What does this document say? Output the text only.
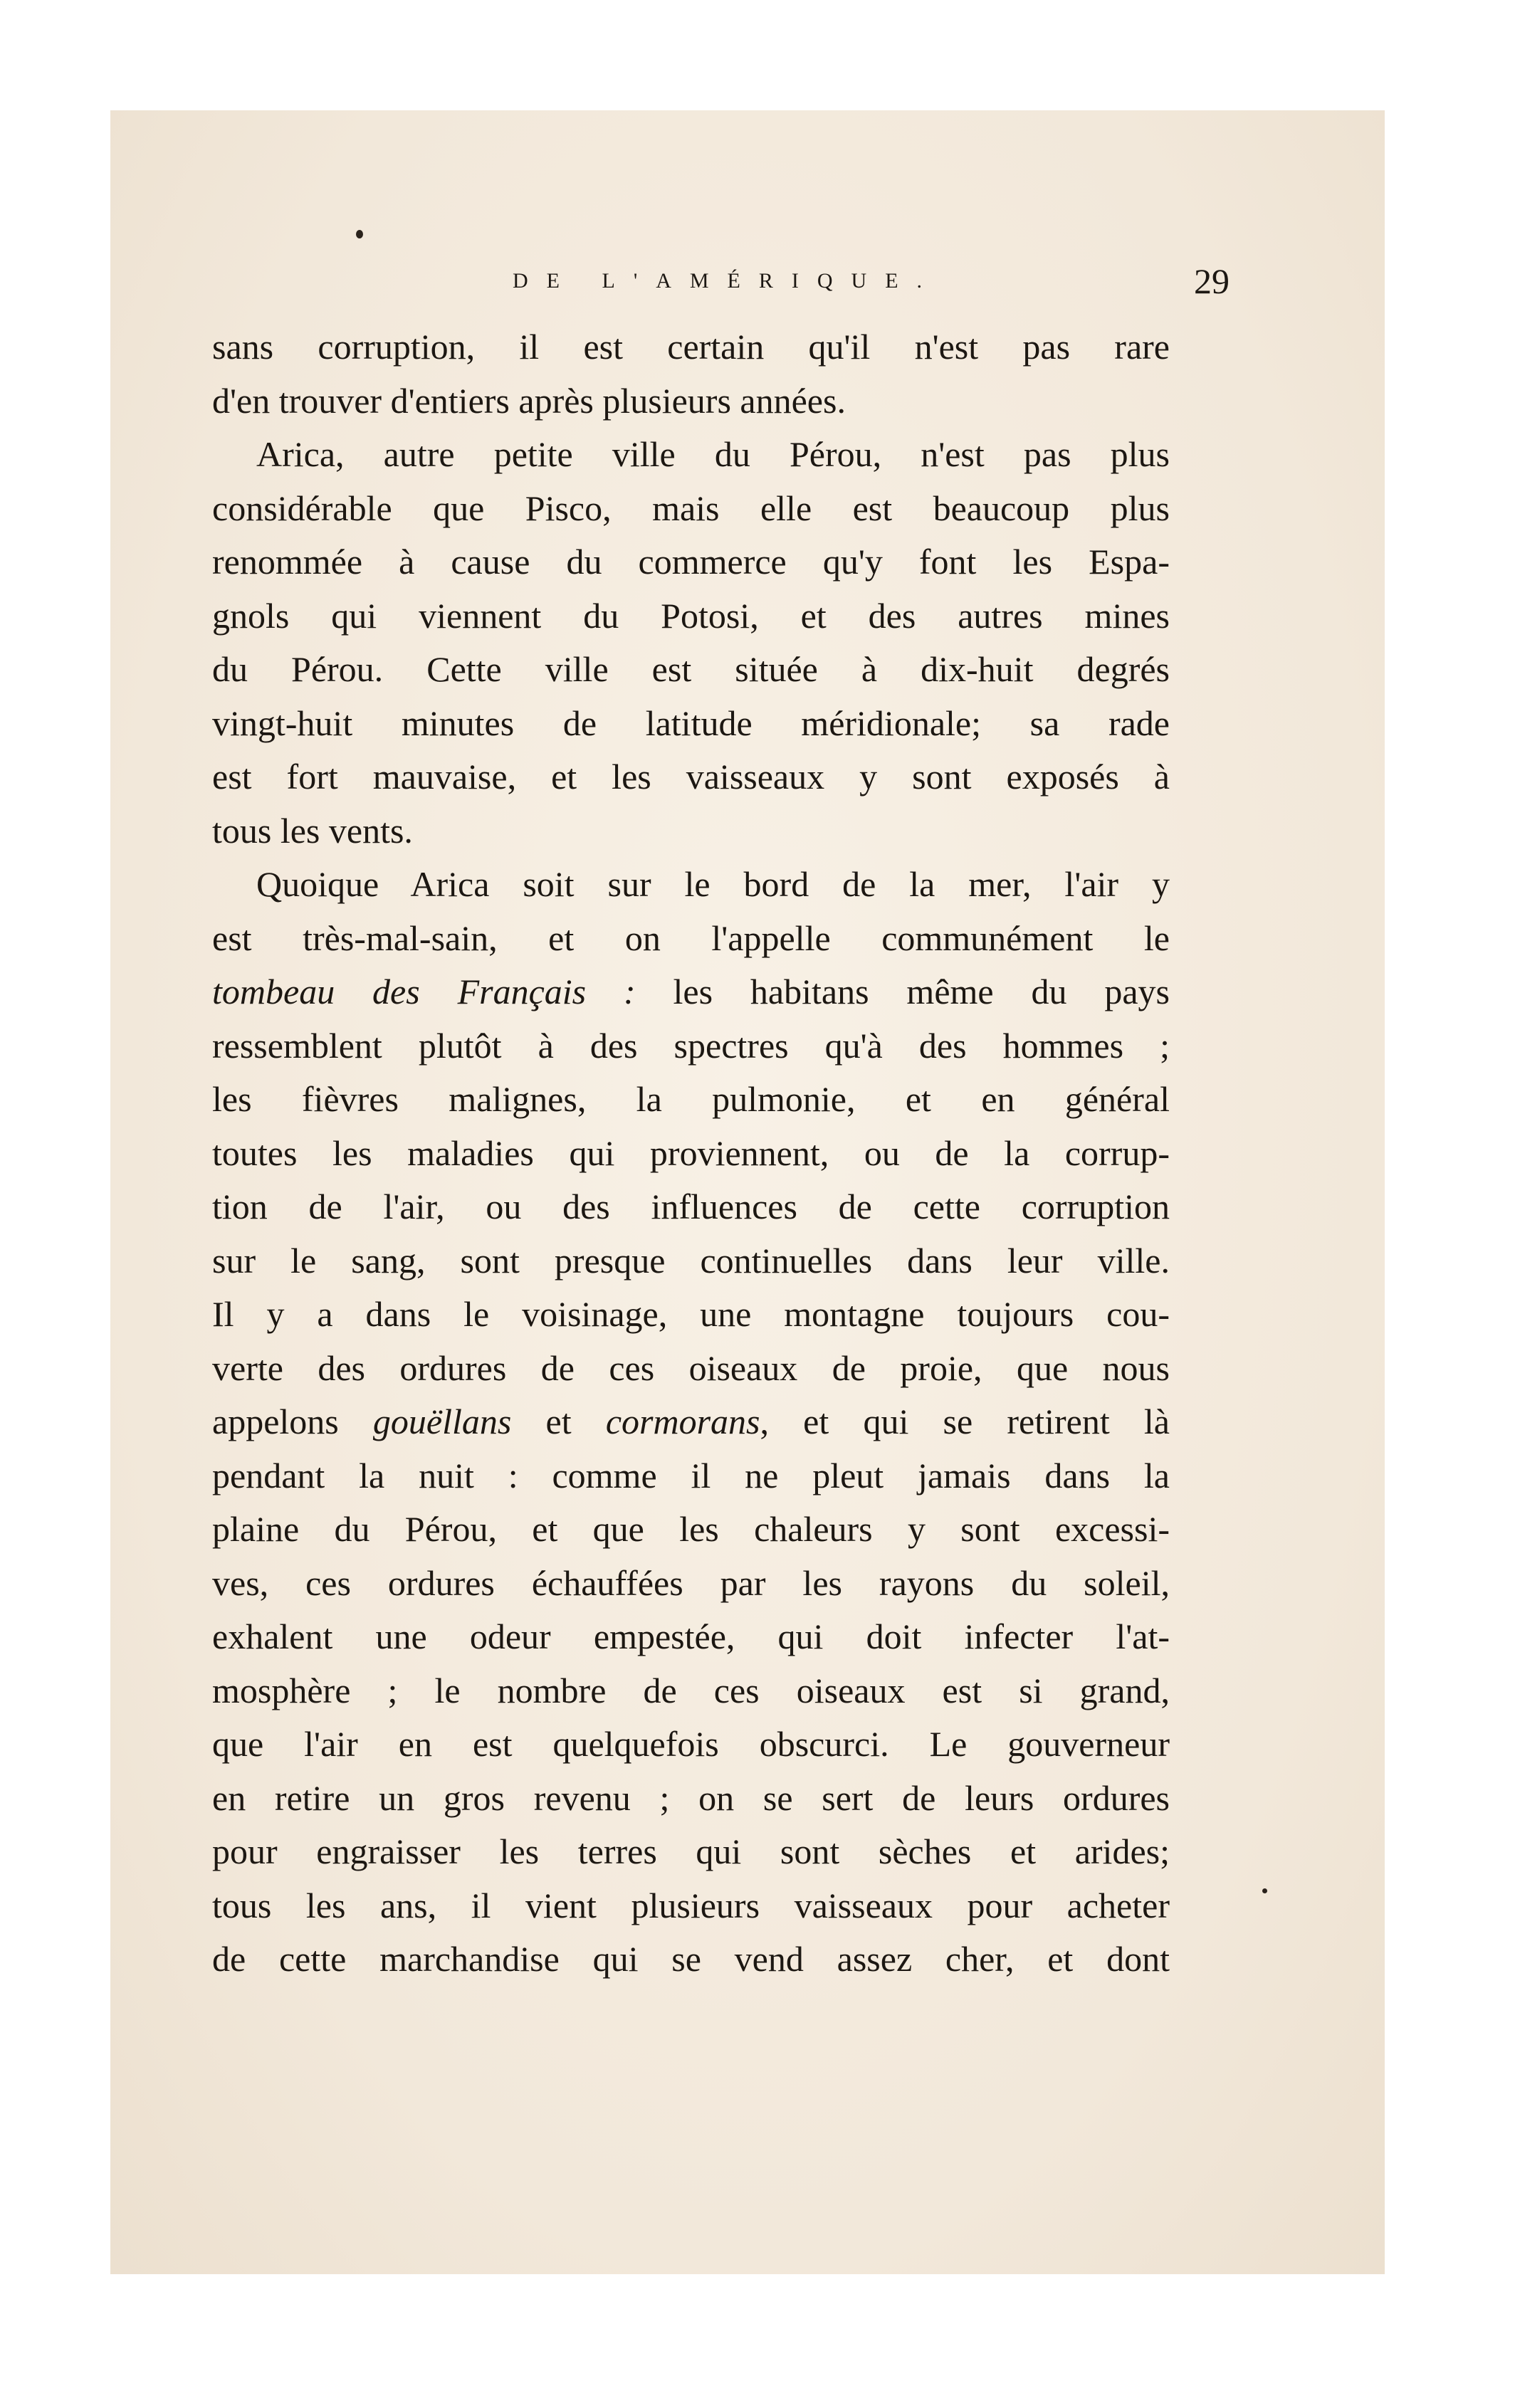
DE L'AMÉRIQUE.	29
sans corruption, il est certain qu'il n'est pas rare
d'en trouver d'entiers après plusieurs années.
Arica, autre petite ville du Pérou, n'est pas plus
considérable que Pisco, mais elle est beaucoup plus
renommée à cause du commerce qu'y font les Espa-
gnols qui viennent du Potosi, et des autres mines
du Pérou. Cette ville est située à dix-huit degrés
vingt-huit minutes de latitude méridionale; sa rade
est fort mauvaise, et les vaisseaux y sont exposés à
tous les vents.
Quoique Arica soit sur le bord de la mer, l'air y
est très-mal-sain, et on l'appelle communément le
tombeau des Français : les habitans même du pays
ressemblent plutôt à des spectres qu'à des hommes ;
les fièvres malignes, la pulmonie, et en général
toutes les maladies qui proviennent, ou de la corrup-
tion de l'air, ou des influences de cette corruption
sur le sang, sont presque continuelles dans leur ville.
Il y a dans le voisinage, une montagne toujours cou-
verte des ordures de ces oiseaux de proie, que nous
appelons gouëllans et cormorans, et qui se retirent là
pendant la nuit : comme il ne pleut jamais dans la
plaine du Pérou, et que les chaleurs y sont excessi-
ves, ces ordures échauffées par les rayons du soleil,
exhalent une odeur empestée, qui doit infecter l'at-
mosphère ; le nombre de ces oiseaux est si grand,
que l'air en est quelquefois obscurci. Le gouverneur
en retire un gros revenu ; on se sert de leurs ordures
pour engraisser les terres qui sont sèches et arides;
tous les ans, il vient plusieurs vaisseaux pour acheter
de cette marchandise qui se vend assez cher, et dont
